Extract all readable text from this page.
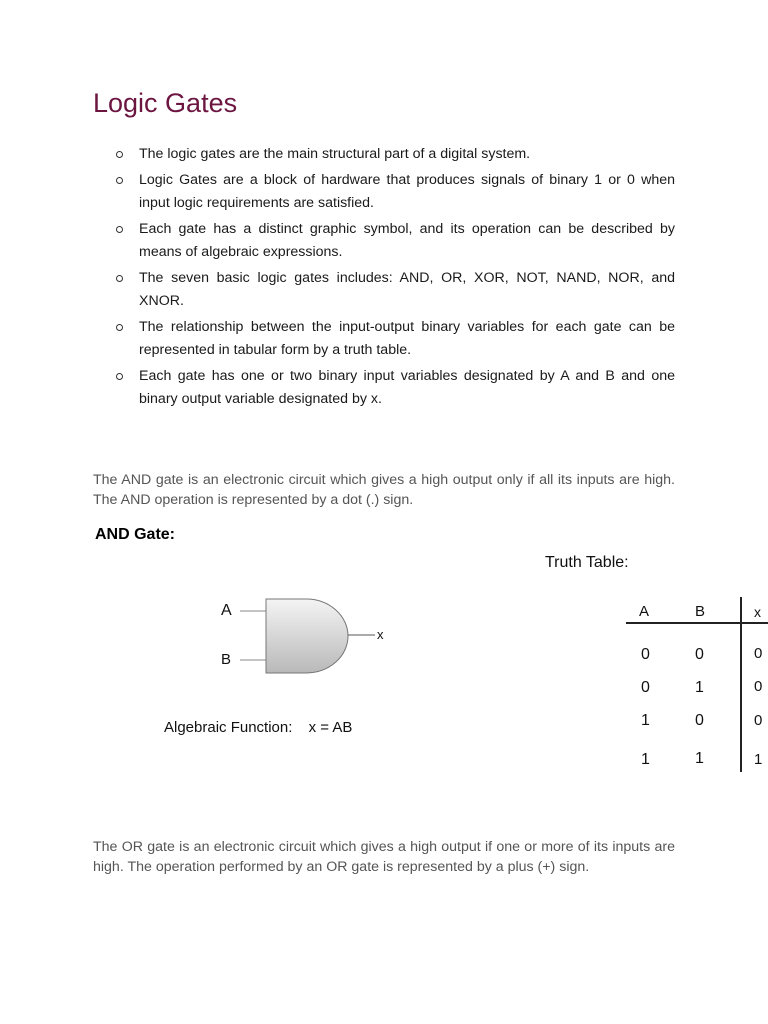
Logic Gates
The logic gates are the main structural part of a digital system.
Logic Gates are a block of hardware that produces signals of binary 1 or 0 when input logic requirements are satisfied.
Each gate has a distinct graphic symbol, and its operation can be described by means of algebraic expressions.
The seven basic logic gates includes: AND, OR, XOR, NOT, NAND, NOR, and XNOR.
The relationship between the input-output binary variables for each gate can be represented in tabular form by a truth table.
Each gate has one or two binary input variables designated by A and B and one binary output variable designated by x.

The AND gate is an electronic circuit which gives a high output only if all its inputs are high. The AND operation is represented by a dot (.) sign.

AND Gate:
Truth Table:
A
B
x
A	B	x
0	0	0
0	1	0
1	0	0
1	1	1
Algebraic Function: x = AB

The OR gate is an electronic circuit which gives a high output if one or more of its inputs are high. The operation performed by an OR gate is represented by a plus (+) sign.
